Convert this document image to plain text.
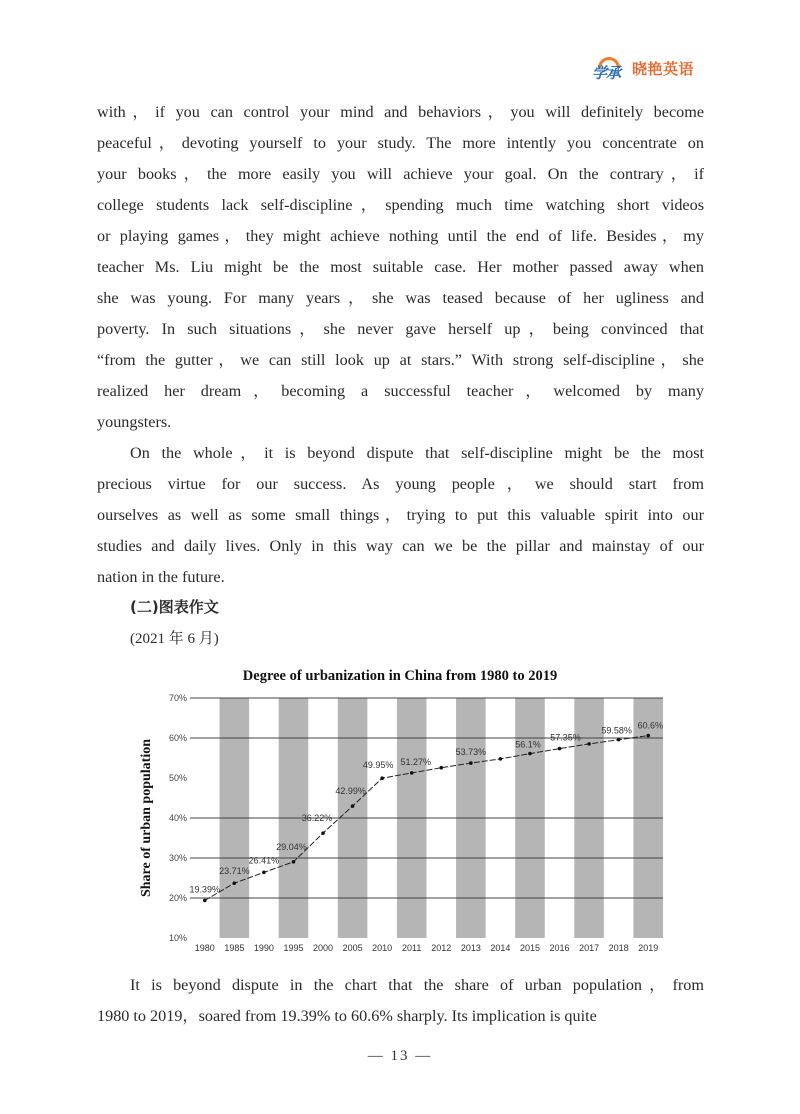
学承 晓艳英语
with，if you can control your mind and behaviors，you will definitely become
peaceful，devoting yourself to your study. The more intently you concentrate on
your books，the more easily you will achieve your goal. On the contrary，if
college students lack self-discipline，spending much time watching short videos
or playing games，they might achieve nothing until the end of life. Besides，my
teacher Ms. Liu might be the most suitable case. Her mother passed away when
she was young. For many years，she was teased because of her ugliness and
poverty. In such situations，she never gave herself up，being convinced that
“from the gutter，we can still look up at stars.” With strong self-discipline，she
realized her dream，becoming a successful teacher，welcomed by many
youngsters.
On the whole，it is beyond dispute that self-discipline might be the most
precious virtue for our success. As young people，we should start from
ourselves as well as some small things，trying to put this valuable spirit into our
studies and daily lives. Only in this way can we be the pillar and mainstay of our
nation in the future.
(二)图表作文
(2021 年 6 月)
Degree of urbanization in China from 1980 to 2019
10%
20%
30%
40%
50%
60%
70%
1980 1985 1990 1995 2000 2005 2010 2011 2012 2013 2014 2015 2016 2017 2018 2019
Share of urban population	19.39%
23.71%
26.41%
29.04%
36.22%
42.99%
49.95% 51.27%
53.73%
56.1%
57.35%
59.58%
60.6%
It is beyond dispute in the chart that the share of urban population，from
1980 to 2019，soared from 19.39% to 60.6% sharply. Its implication is quite
— 13 —
